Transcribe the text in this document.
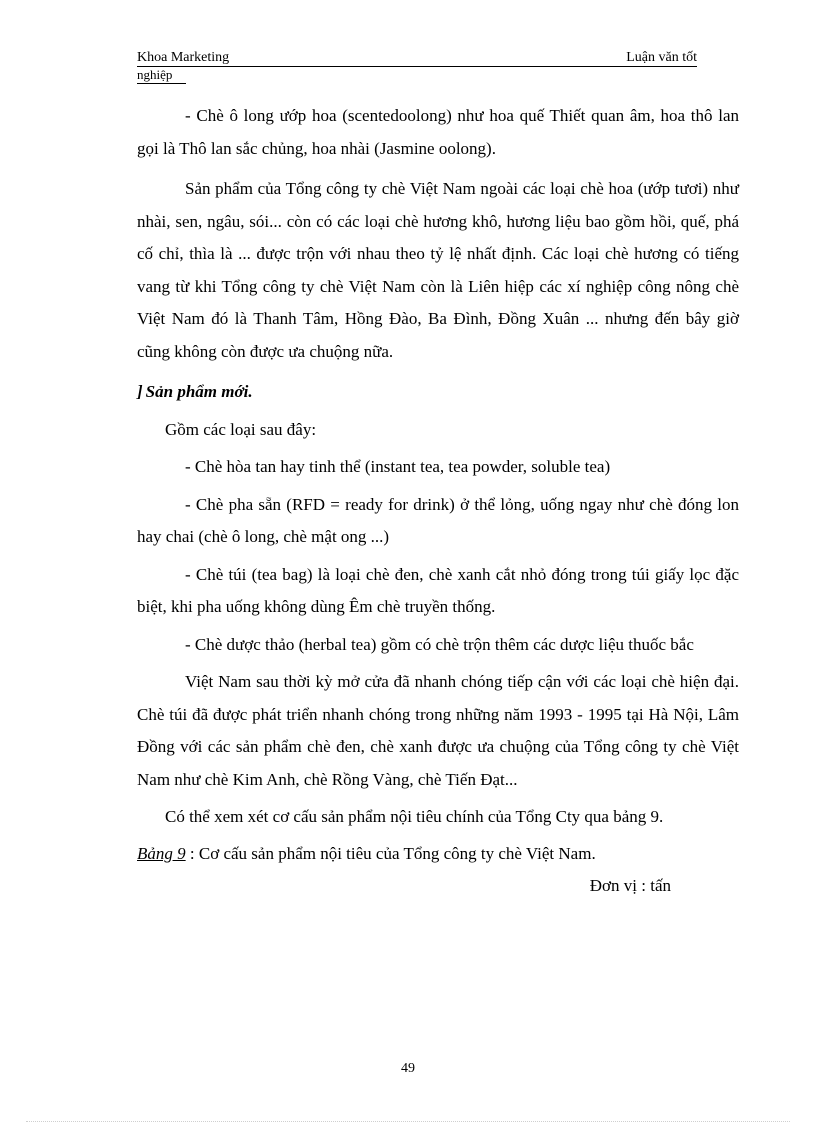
Khoa Marketing	Luận văn tốt
nghiệp

- Chè ô long ướp hoa (scentedoolong) như hoa quế Thiết quan âm, hoa thô lan gọi là Thô lan sắc chủng, hoa nhài (Jasmine oolong).

Sản phẩm của Tổng công ty chè Việt Nam ngoài các loại chè hoa (ướp tươi) như nhài, sen, ngâu, sói... còn có các loại chè hương khô, hương liệu bao gồm hồi, quế, phá cố chỉ, thìa là ... được trộn với nhau theo tỷ lệ nhất định. Các loại chè hương có tiếng vang từ khi Tổng công ty chè Việt Nam còn là Liên hiệp các xí nghiệp công nông chè Việt Nam đó là Thanh Tâm, Hồng Đào, Ba Đình, Đồng Xuân ... nhưng đến bây giờ cũng không còn được ưa chuộng nữa.

] Sản phẩm mới.

Gồm các loại sau đây:

- Chè hòa tan hay tinh thể (instant tea, tea powder, soluble tea)

- Chè pha sẵn (RFD = ready for drink) ở thể lỏng, uống ngay như chè đóng lon hay chai (chè ô long, chè mật ong ...)

- Chè túi (tea bag) là loại chè đen, chè xanh cắt nhỏ đóng trong túi giấy lọc đặc biệt, khi pha uống không dùng Êm chè truyền thống.

- Chè dược thảo (herbal tea) gồm có chè trộn thêm các dược liệu thuốc bắc

Việt Nam sau thời kỳ mở cửa đã nhanh chóng tiếp cận với các loại chè hiện đại. Chè túi đã được phát triển nhanh chóng trong những năm 1993 - 1995 tại Hà Nội, Lâm Đồng với các sản phẩm chè đen, chè xanh được ưa chuộng của Tổng công ty chè Việt Nam như chè Kim Anh, chè Rồng Vàng, chè Tiến Đạt...

Có thể xem xét cơ cấu sản phẩm nội tiêu chính của Tổng Cty qua bảng 9.

Bảng 9 : Cơ cấu sản phẩm nội tiêu của Tổng công ty chè Việt Nam.

Đơn vị : tấn

49
